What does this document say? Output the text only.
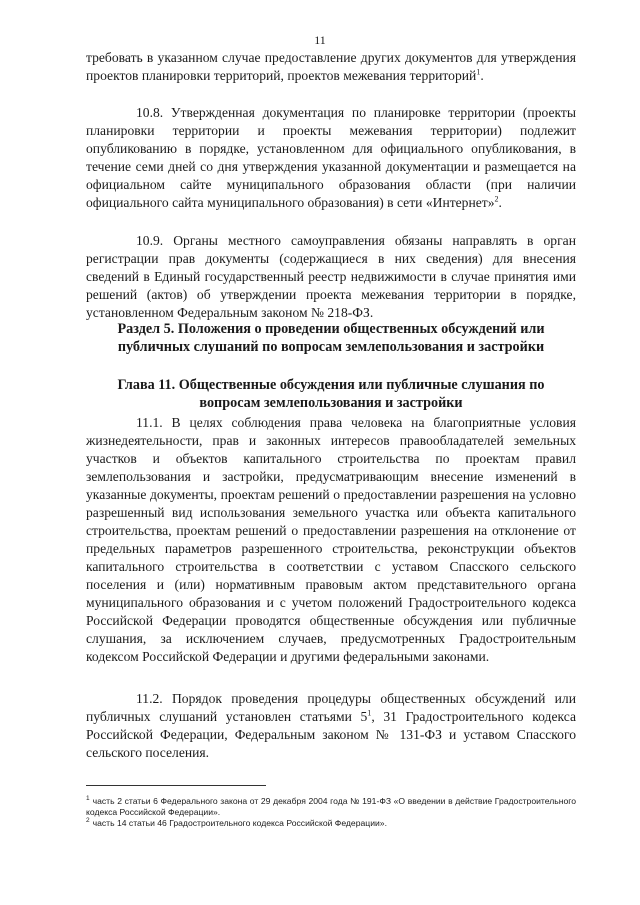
11

требовать в указанном случае предоставление других документов для утверждения проектов планировки территорий, проектов межевания территорий$^1$.

10.8. Утвержденная документация по планировке территории (проекты планировки территории и проекты межевания территории) подлежит опубликованию в порядке, установленном для официального опубликования, в течение семи дней со дня утверждения указанной документации и размещается на официальном сайте муниципального образования области (при наличии официального сайта муниципального образования) в сети «Интернет»$^2$.

10.9. Органы местного самоуправления обязаны направлять в орган регистрации прав документы (содержащиеся в них сведения) для внесения сведений в Единый государственный реестр недвижимости в случае принятия ими решений (актов) об утверждении проекта межевания территории в порядке, установленном Федеральным законом № 218-ФЗ.

Раздел 5. Положения о проведении общественных обсуждений или публичных слушаний по вопросам землепользования и застройки
Глава 11. Общественные обсуждения или публичные слушания по вопросам землепользования и застройки

11.1. В целях соблюдения права человека на благоприятные условия жизнедеятельности, прав и законных интересов правообладателей земельных участков и объектов капитального строительства по проектам правил землепользования и застройки, предусматривающим внесение изменений в указанные документы, проектам решений о предоставлении разрешения на условно разрешенный вид использования земельного участка или объекта капитального строительства, проектам решений о предоставлении разрешения на отклонение от предельных параметров разрешенного строительства, реконструкции объектов капитального строительства в соответствии с уставом Спасского сельского поселения и (или) нормативным правовым актом представительного органа муниципального образования и с учетом положений Градостроительного кодекса Российской Федерации проводятся общественные обсуждения или публичные слушания, за исключением случаев, предусмотренных Градостроительным кодексом Российской Федерации и другими федеральными законами.

11.2. Порядок проведения процедуры общественных обсуждений или публичных слушаний установлен статьями $5^1$, 31 Градостроительного кодекса Российской Федерации, Федеральным законом № 131-ФЗ и уставом Спасского сельского поселения.

$^1$ часть 2 статьи 6 Федерального закона от 29 декабря 2004 года № 191-ФЗ «О введении в действие Градостроительного кодекса Российской Федерации».
$^2$ часть 14 статьи 46 Градостроительного кодекса Российской Федерации».
